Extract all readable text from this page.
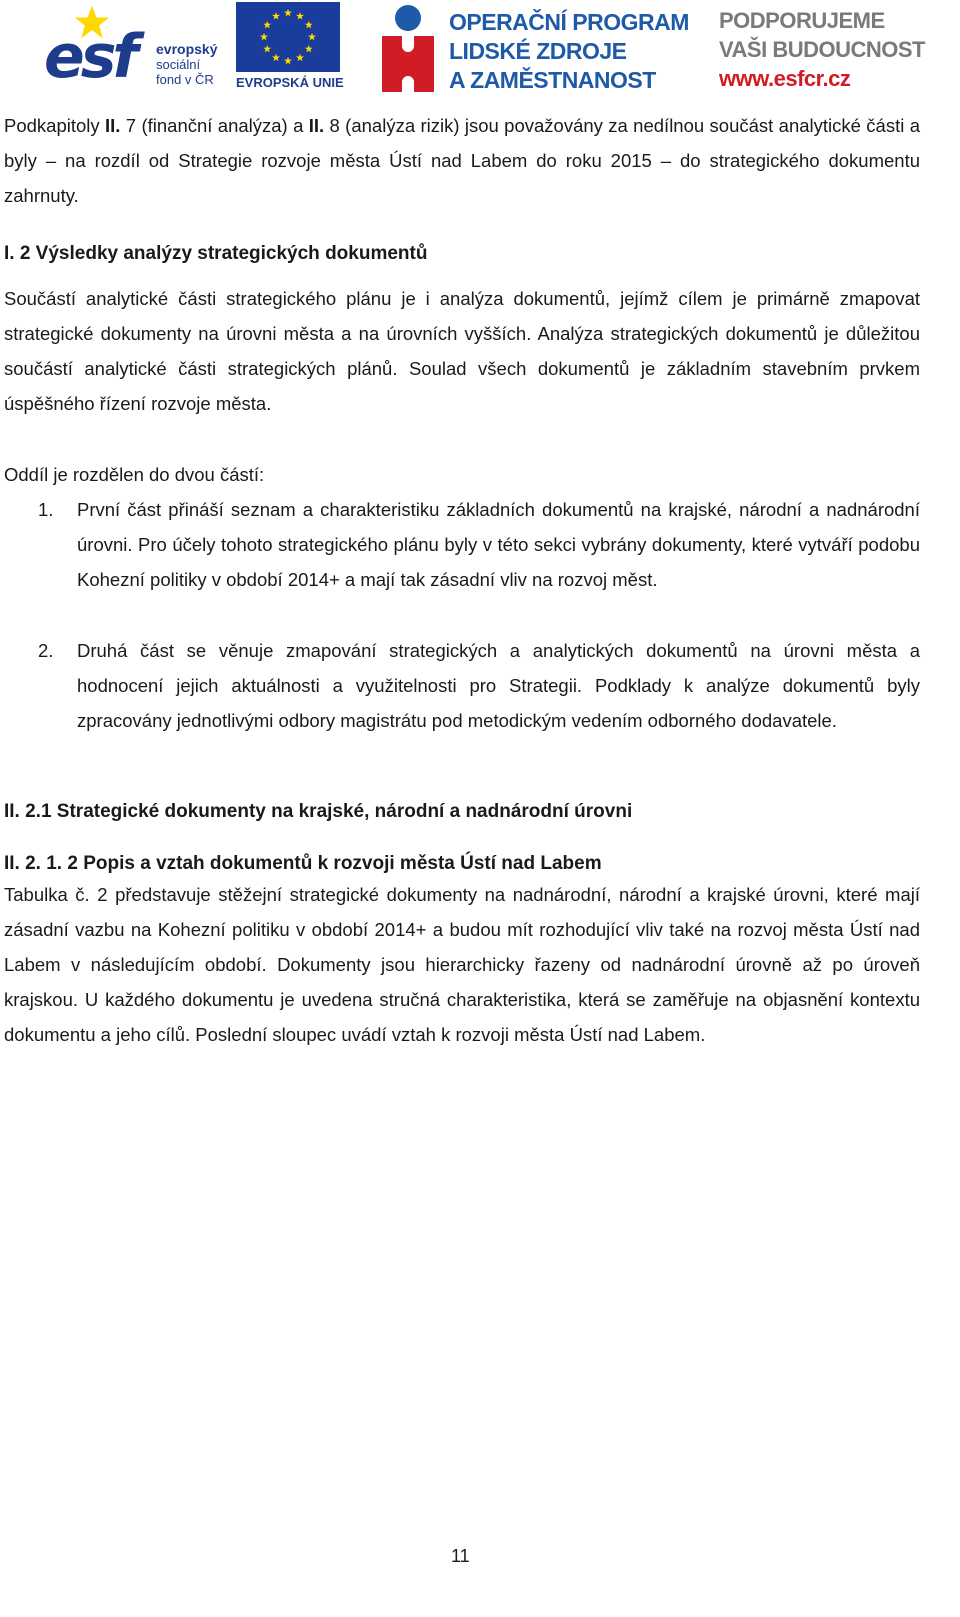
esf evropský
sociální
fond v ČR EVROPSKÁ UNIE
OPERAČNÍ PROGRAM
LIDSKÉ ZDROJE
A ZAMĚSTNANOST
PODPORUJEME
VAŠI BUDOUCNOST
www.esfcr.cz

Podkapitoly II. 7 (finanční analýza) a II. 8 (analýza rizik) jsou považovány za nedílnou součást analytické části a byly – na rozdíl od Strategie rozvoje města Ústí nad Labem do roku 2015 – do strategického dokumentu zahrnuty.

I. 2 Výsledky analýzy strategických dokumentů

Součástí analytické části strategického plánu je i analýza dokumentů, jejímž cílem je primárně zmapovat strategické dokumenty na úrovni města a na úrovních vyšších. Analýza strategických dokumentů je důležitou součástí analytické části strategických plánů. Soulad všech dokumentů je základním stavebním prvkem úspěšného řízení rozvoje města.

Oddíl je rozdělen do dvou částí:

1. První část přináší seznam a charakteristiku základních dokumentů na krajské, národní a nadnárodní úrovni. Pro účely tohoto strategického plánu byly v této sekci vybrány dokumenty, které vytváří podobu Kohezní politiky v období 2014+ a mají tak zásadní vliv na rozvoj měst.

2. Druhá část se věnuje zmapování strategických a analytických dokumentů na úrovni města a hodnocení jejich aktuálnosti a využitelnosti pro Strategii. Podklady k analýze dokumentů byly zpracovány jednotlivými odbory magistrátu pod metodickým vedením odborného dodavatele.

II. 2.1 Strategické dokumenty na krajské, národní a nadnárodní úrovni
II. 2. 1. 2 Popis a vztah dokumentů k rozvoji města Ústí nad Labem

Tabulka č. 2 představuje stěžejní strategické dokumenty na nadnárodní, národní a krajské úrovni, které mají zásadní vazbu na Kohezní politiku v období 2014+ a budou mít rozhodující vliv také na rozvoj města Ústí nad Labem v následujícím období. Dokumenty jsou hierarchicky řazeny od nadnárodní úrovně až po úroveň krajskou. U každého dokumentu je uvedena stručná charakteristika, která se zaměřuje na objasnění kontextu dokumentu a jeho cílů. Poslední sloupec uvádí vztah k rozvoji města Ústí nad Labem.

11
